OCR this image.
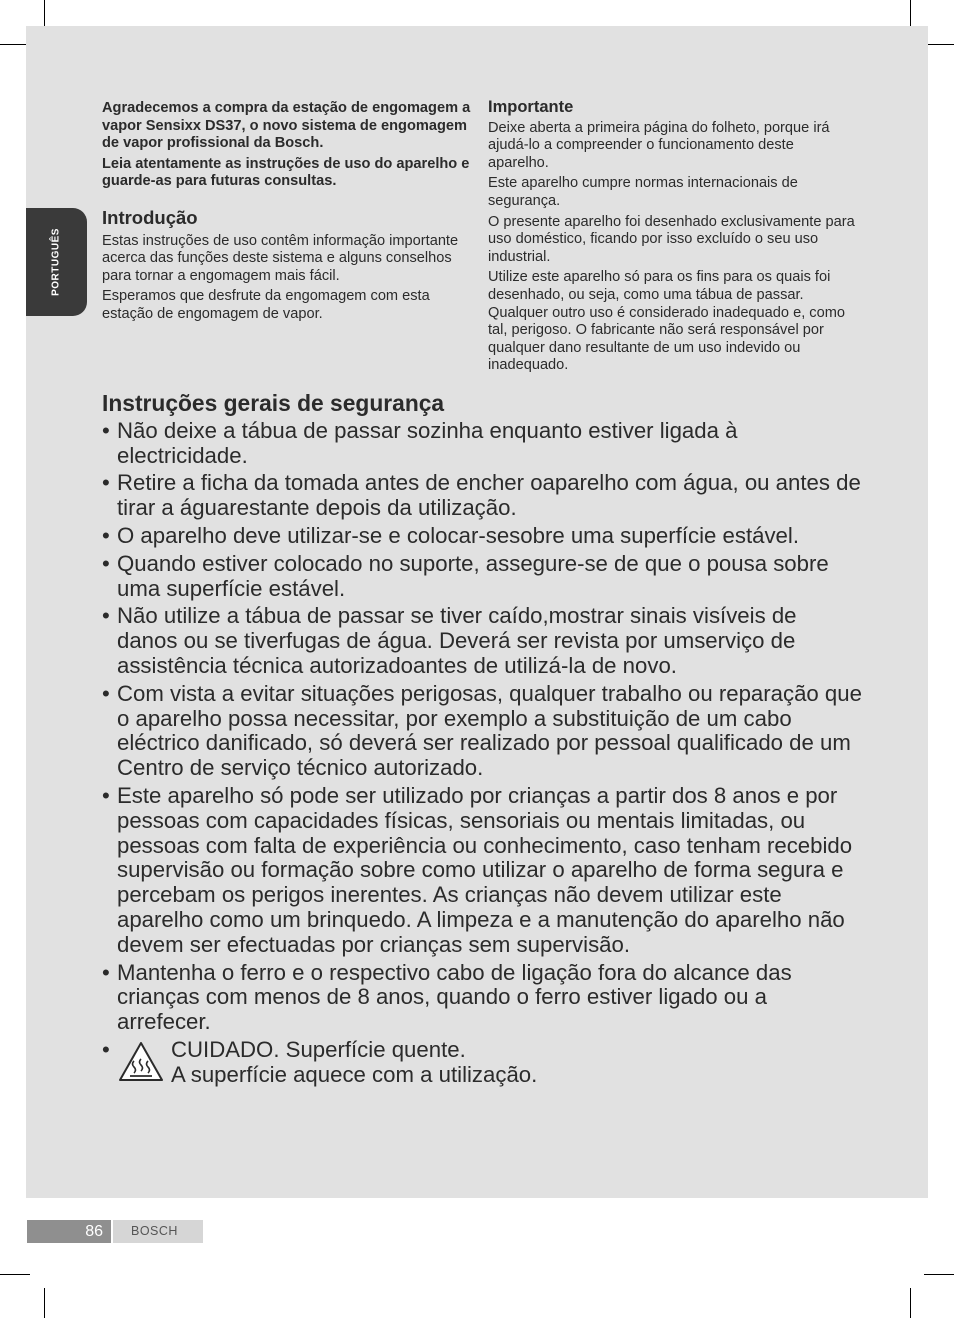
PORTUGUÊS

Agradecemos a compra da estação de engomagem a vapor Sensixx DS37, o novo sistema de engomagem de vapor profissional da Bosch.

Leia atentamente as instruções de uso do aparelho e guarde-as para futuras consultas.

Introdução

Estas instruções de uso contêm informação importante acerca das funções deste sistema e alguns conselhos para tornar a engomagem mais fácil.

Esperamos que desfrute da engomagem com esta estação de engomagem de vapor.

Importante

Deixe aberta a primeira página do folheto, porque irá ajudá-lo a compreender o funcionamento deste aparelho.

Este aparelho cumpre normas internacionais de segurança.

O presente aparelho foi desenhado exclusivamente para uso doméstico, ficando por isso excluído o seu uso industrial.

Utilize este aparelho só para os fins para os quais foi desenhado, ou seja, como uma tábua de passar. Qualquer outro uso é considerado inadequado e, como tal, perigoso. O fabricante não será responsável por qualquer dano resultante de um uso indevido ou inadequado.

Instruções gerais de segurança
• Não deixe a tábua de passar sozinha enquanto estiver ligada à electricidade.
• Retire a ficha da tomada antes de encher oaparelho com água, ou antes de tirar a águarestante depois da utilização.
• O aparelho deve utilizar-se e colocar-sesobre uma superfície estável.
• Quando estiver colocado no suporte, assegure-se de que o pousa sobre uma superfície estável.
• Não utilize a tábua de passar se tiver caído,mostrar sinais visíveis de danos ou se tiverfugas de água. Deverá ser revista por umserviço de assistência técnica autorizadoantes de utilizá-la de novo.
• Com vista a evitar situações perigosas, qualquer trabalho ou reparação que o aparelho possa necessitar, por exemplo a substituição de um cabo eléctrico danificado, só deverá ser realizado por pessoal qualificado de um Centro de serviço técnico autorizado.
• Este aparelho só pode ser utilizado por crianças a partir dos 8 anos e por pessoas com capacidades físicas, sensoriais ou mentais limitadas, ou pessoas com falta de experiência ou conhecimento, caso tenham recebido supervisão ou formação sobre como utilizar o aparelho de forma segura e percebam os perigos inerentes. As crianças não devem utilizar este aparelho como um brinquedo. A limpeza e a manutenção do aparelho não devem ser efectuadas por crianças sem supervisão.
• Mantenha o ferro e o respectivo cabo de ligação fora do alcance das crianças com menos de 8 anos, quando o ferro estiver ligado ou a arrefecer.
•	CUIDADO. Superfície quente.
A superfície aquece com a utilização.
86	BOSCH
